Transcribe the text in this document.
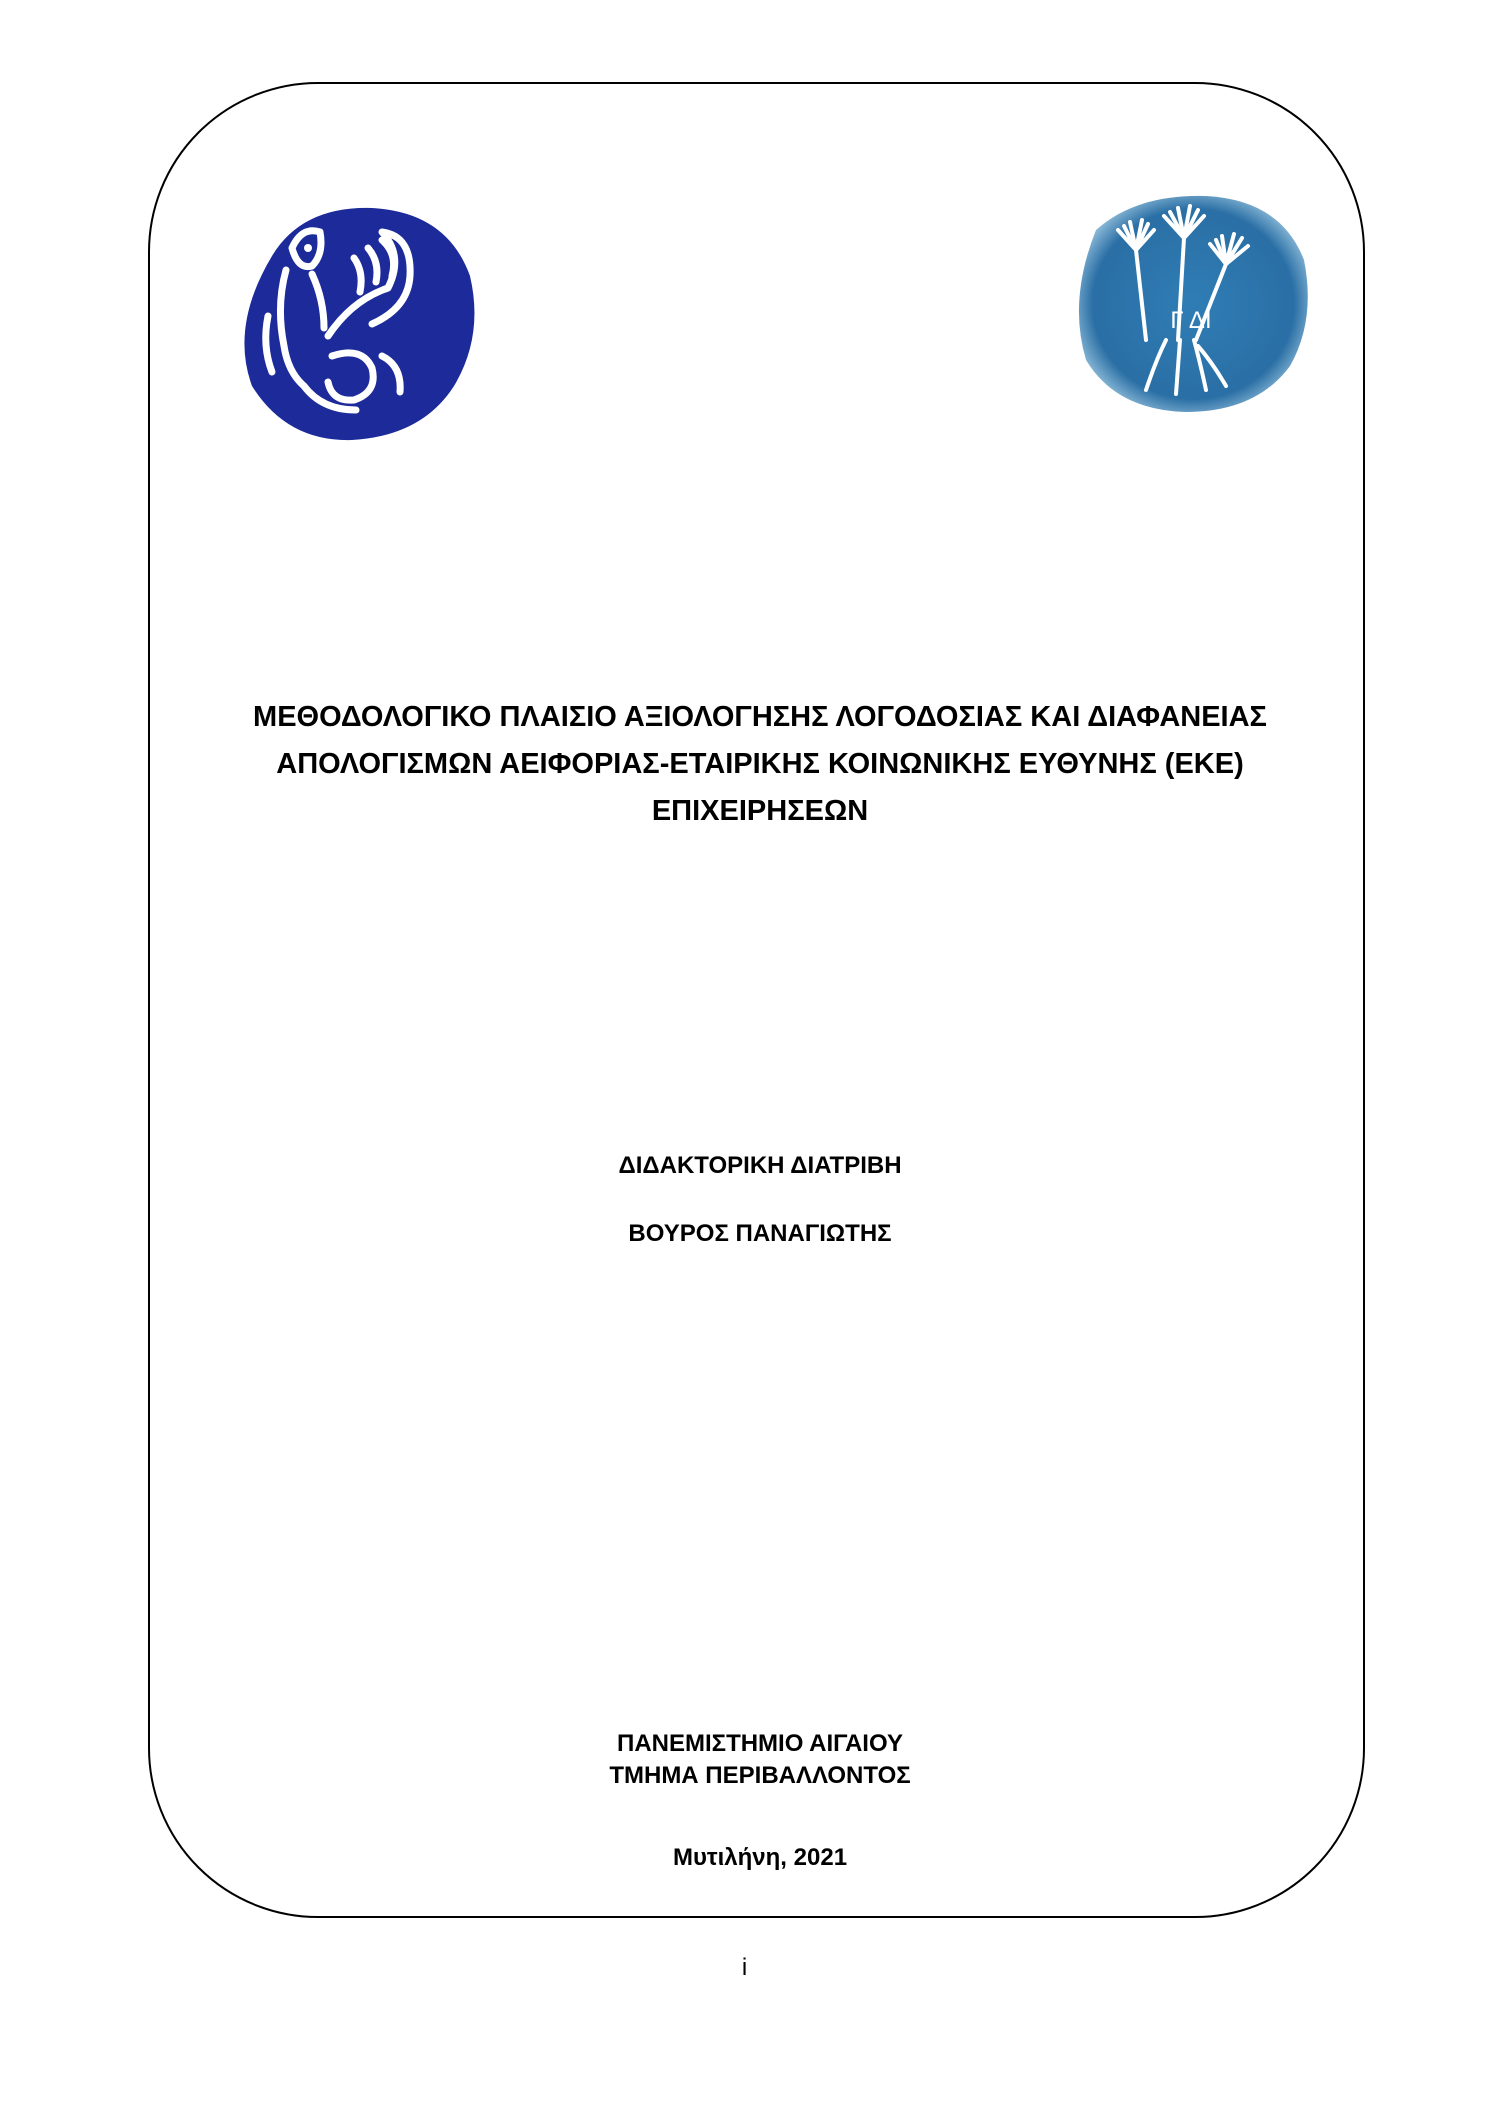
Γ ΔΙ
ΜΕΘΟΔΟΛΟΓΙΚΟ ΠΛΑΙΣΙΟ ΑΞΙΟΛΟΓΗΣΗΣ ΛΟΓΟΔΟΣΙΑΣ ΚΑΙ ΔΙΑΦΑΝΕΙΑΣ
ΑΠΟΛΟΓΙΣΜΩΝ ΑΕΙΦΟΡΙΑΣ-ΕΤΑΙΡΙΚΗΣ ΚΟΙΝΩΝΙΚΗΣ ΕΥΘΥΝΗΣ (ΕΚΕ)
ΕΠΙΧΕΙΡΗΣΕΩΝ
ΔΙΔΑΚΤΟΡΙΚΗ ΔΙΑΤΡΙΒΗ
ΒΟΥΡΟΣ ΠΑΝΑΓΙΩΤΗΣ
ΠΑΝΕΜΙΣΤΗΜΙΟ ΑΙΓΑΙΟΥ
ΤΜΗΜΑ ΠΕΡΙΒΑΛΛΟΝΤΟΣ
Μυτιλήνη, 2021
i
